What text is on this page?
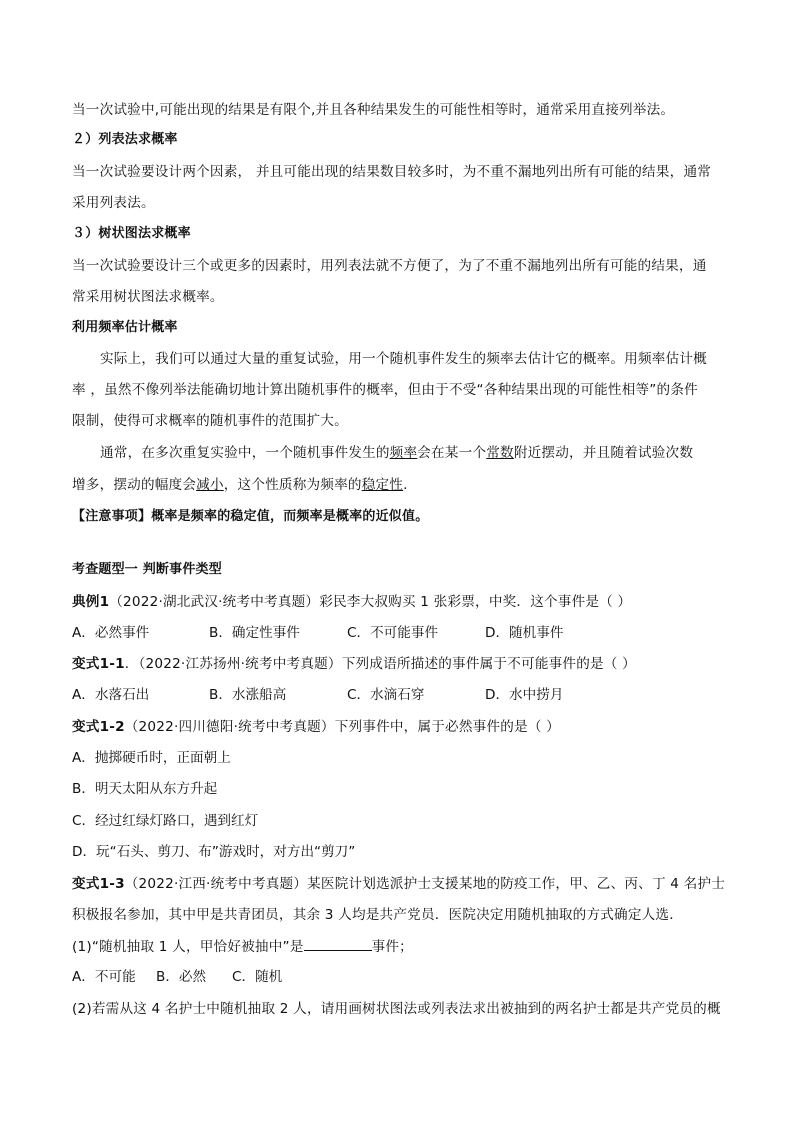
当一次试验中,可能出现的结果是有限个,并且各种结果发生的可能性相等时，通常采用直接列举法。
２）列表法求概率
当一次试验要设计两个因素， 并且可能出现的结果数目较多时，为不重不漏地列出所有可能的结果，通常
采用列表法。
３）树状图法求概率
当一次试验要设计三个或更多的因素时，用列表法就不方便了，为了不重不漏地列出所有可能的结果，通
常采用树状图法求概率。
利用频率估计概率
实际上，我们可以通过大量的重复试验，用一个随机事件发生的频率去估计它的概率。用频率估计概
率 ，虽然不像列举法能确切地计算出随机事件的概率，但由于不受“各种结果出现的可能性相等”的条件
限制，使得可求概率的随机事件的范围扩大。
通常，在多次重复实验中，一个随机事件发生的频率会在某一个常数附近摆动，并且随着试验次数
增多，摆动的幅度会减小，这个性质称为频率的稳定性.
【注意事项】概率是频率的稳定值，而频率是概率的近似值。
考查题型一 判断事件类型
典例1（2022·湖北武汉·统考中考真题）彩民李大叔购买 1 张彩票，中奖．这个事件是（ ）
A．必然事件	B．确定性事件	C．不可能事件	D．随机事件
变式1-1．（2022·江苏扬州·统考中考真题）下列成语所描述的事件属于不可能事件的是（ ）
A．水落石出	B．水涨船高	C．水滴石穿	D．水中捞月
变式1-2（2022·四川德阳·统考中考真题）下列事件中，属于必然事件的是（ ）
A．抛掷硬币时，正面朝上
B．明天太阳从东方升起
C．经过红绿灯路口，遇到红灯
D．玩“石头、剪刀、布”游戏时，对方出“剪刀”
变式1-3（2022·江西·统考中考真题）某医院计划选派护士支援某地的防疫工作，甲、乙、丙、丁 4 名护士
积极报名参加，其中甲是共青团员，其余 3 人均是共产党员．医院决定用随机抽取的方式确定人选．
(1)“随机抽取 1 人，甲恰好被抽中”是	事件；
A．不可能 B．必然 C．随机
(2)若需从这 4 名护士中随机抽取 2 人，请用画树状图法或列表法求出被抽到的两名护士都是共产党员的概
